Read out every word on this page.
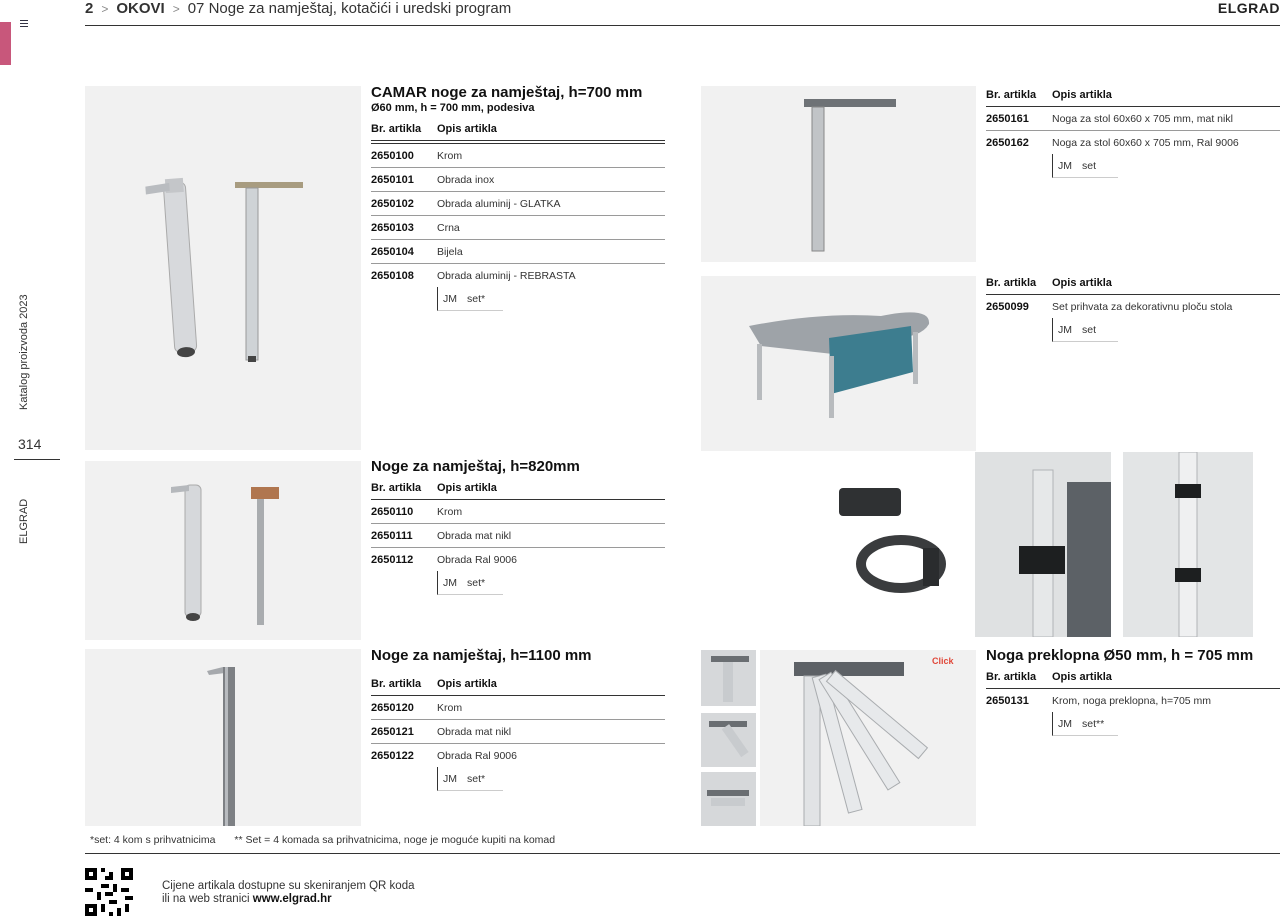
2 > OKOVI > 07 Noge za namještaj, kotačići i uredski program	ELGRAD
Katalog proizvoda 2023
314
ELGRAD
Click
CAMAR noge za namještaj, h=700 mm
Ø60 mm, h = 700 mm, podesiva
Br. artikla	Opis artikla
2650100	Krom
2650101	Obrada inox
2650102	Obrada aluminij - GLATKA
2650103	Crna
2650104	Bijela
2650108	Obrada aluminij - REBRASTA
JM set*
Noge za namještaj, h=820mm
Br. artikla	Opis artikla
2650110	Krom
2650111	Obrada mat nikl
2650112	Obrada Ral 9006
JM set*
Noge za namještaj, h=1100 mm
Br. artikla	Opis artikla
2650120	Krom
2650121	Obrada mat nikl
2650122	Obrada Ral 9006
JM set*
Br. artikla	Opis artikla
2650161	Noga za stol 60x60 x 705 mm, mat nikl
2650162	Noga za stol 60x60 x 705 mm, Ral 9006
JM set
Br. artikla	Opis artikla
2650099	Set prihvata za dekorativnu ploču stola
JM set
Noga preklopna Ø50 mm, h = 705 mm
Br. artikla	Opis artikla
2650131	Krom, noga preklopna, h=705 mm
JM set**
*set: 4 kom s prihvatnicima ** Set = 4 komada sa prihvatnicima, noge je moguće kupiti na komad
Cijene artikala dostupne su skeniranjem QR koda
ili na web stranici www.elgrad.hr
